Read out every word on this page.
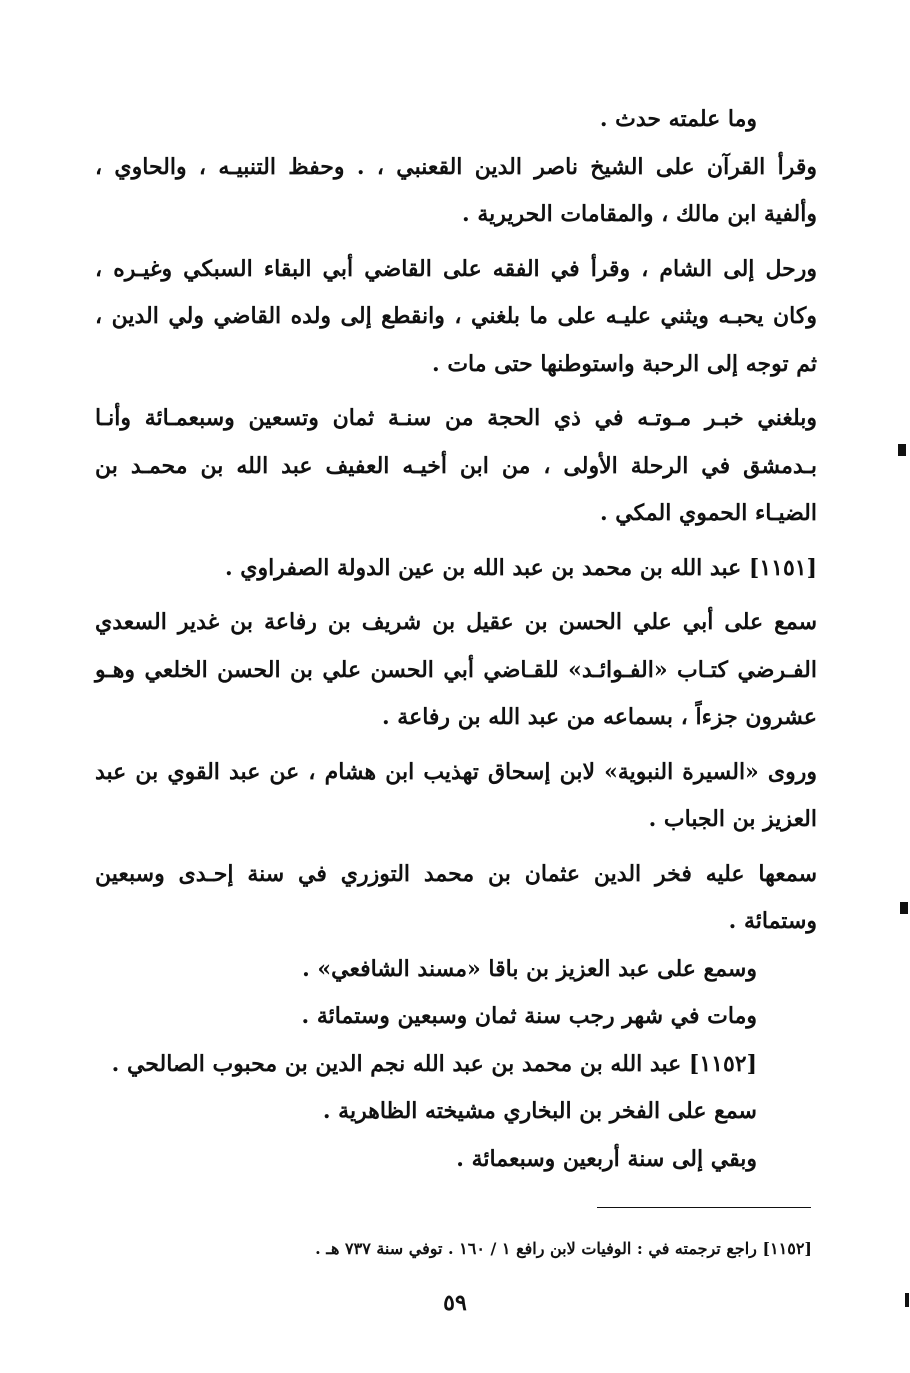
وما علمته حدث .

وقرأ القرآن على الشيخ ناصر الدين القعنبي ، . وحفظ التنبيـه ، والحاوي ، وألفية ابن مالك ، والمقامات الحريرية .

ورحل إلى الشام ، وقرأ في الفقه على القاضي أبي البقاء السبكي وغيـره ، وكان يحبـه ويثني عليـه على ما بلغني ، وانقطع إلى ولده القاضي ولي الدين ، ثم توجه إلى الرحبة واستوطنها حتى مات .

وبلغني خبـر مـوتـه في ذي الحجة من سنـة ثمان وتسعين وسبعمـائة وأنـا بـدمشق في الرحلة الأولى ، من ابن أخيـه العفيف عبد الله بن محمـد بن الضيـاء الحموي المكي .

[١١٥١] عبد الله بن محمد بن عبد الله بن عين الدولة الصفراوي .

سمع على أبي علي الحسن بن عقيل بن شريف بن رفاعة بن غدير السعدي الفـرضي كتـاب «الفـوائـد» للقـاضي أبي الحسن علي بن الحسن الخلعي وهـو عشرون جزءاً ، بسماعه من عبد الله بن رفاعة .

وروى «السيرة النبوية» لابن إسحاق تهذيب ابن هشام ، عن عبد القوي بن عبد العزيز بن الجباب .

سمعها عليه فخر الدين عثمان بن محمد التوزري في سنة إحـدى وسبعين وستمائة .

وسمع على عبد العزيز بن باقا «مسند الشافعي» .

ومات في شهر رجب سنة ثمان وسبعين وستمائة .

[١١٥٢] عبد الله بن محمد بن عبد الله نجم الدين بن محبوب الصالحي .

سمع على الفخر بن البخاري مشيخته الظاهرية .

وبقي إلى سنة أربعين وسبعمائة .

[١١٥٢] راجع ترجمته في : الوفيات لابن رافع ١ / ١٦٠ . توفي سنة ٧٣٧ هـ .
٥٩
